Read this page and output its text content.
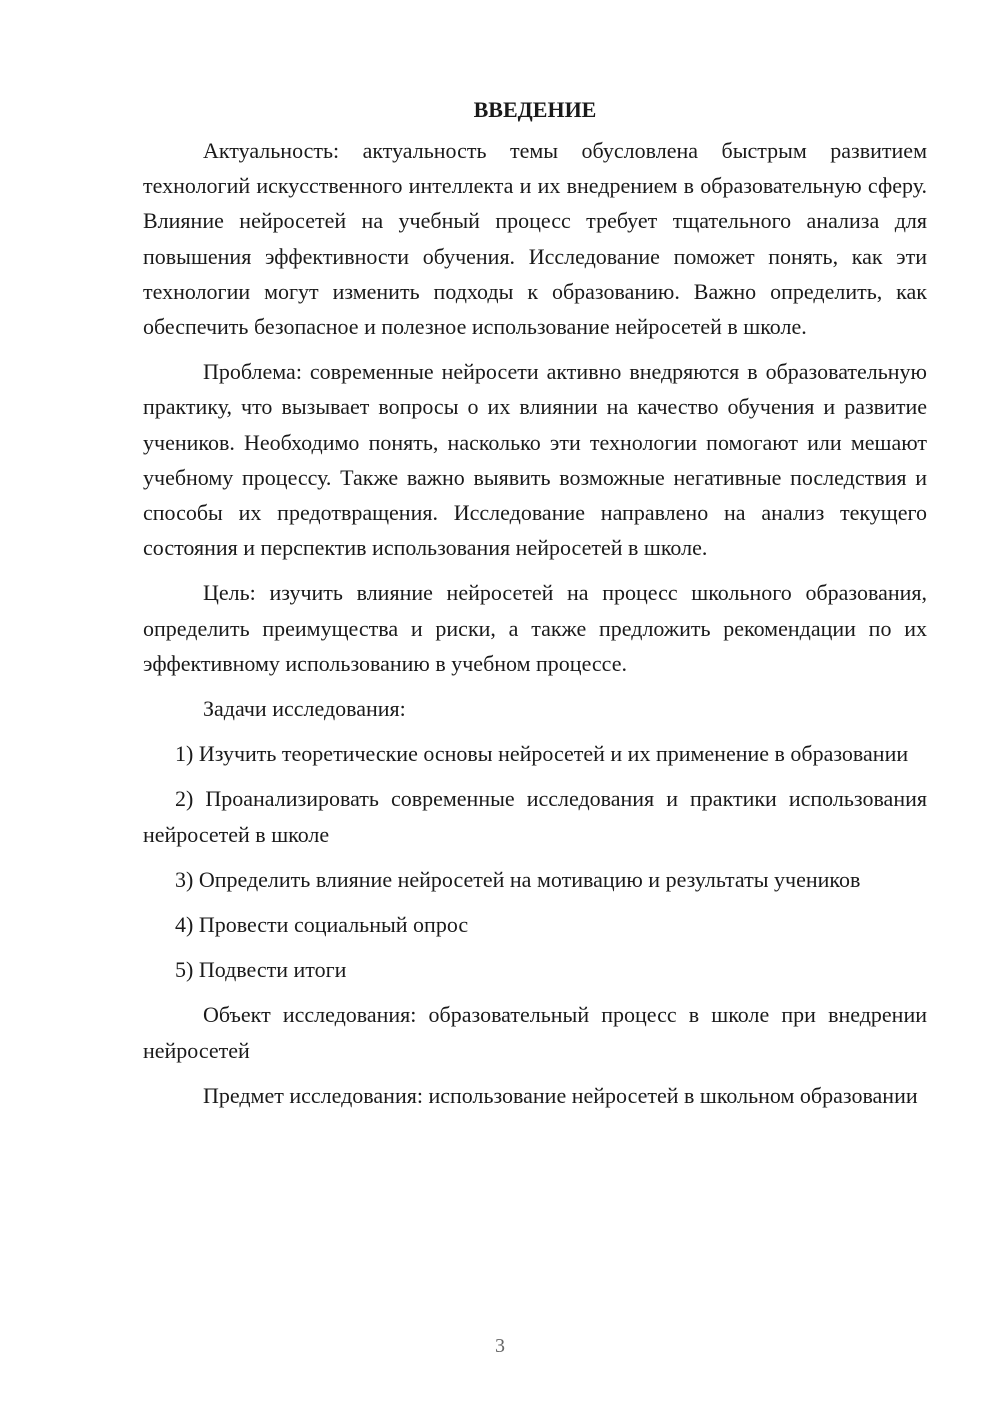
ВВЕДЕНИЕ

Актуальность: актуальность темы обусловлена быстрым развитием технологий искусственного интеллекта и их внедрением в образовательную сферу. Влияние нейросетей на учебный процесс требует тщательного анализа для повышения эффективности обучения. Исследование поможет понять, как эти технологии могут изменить подходы к образованию. Важно определить, как обеспечить безопасное и полезное использование нейросетей в школе.

Проблема: современные нейросети активно внедряются в образовательную практику, что вызывает вопросы о их влиянии на качество обучения и развитие учеников. Необходимо понять, насколько эти технологии помогают или мешают учебному процессу. Также важно выявить возможные негативные последствия и способы их предотвращения. Исследование направлено на анализ текущего состояния и перспектив использования нейросетей в школе.

Цель: изучить влияние нейросетей на процесс школьного образования, определить преимущества и риски, а также предложить рекомендации по их эффективному использованию в учебном процессе.

Задачи исследования:

1) Изучить теоретические основы нейросетей и их применение в образовании

2) Проанализировать современные исследования и практики использования нейросетей в школе

3) Определить влияние нейросетей на мотивацию и результаты учеников

4) Провести социальный опрос

5) Подвести итоги

Объект исследования: образовательный процесс в школе при внедрении нейросетей

Предмет исследования: использование нейросетей в школьном образовании

3
